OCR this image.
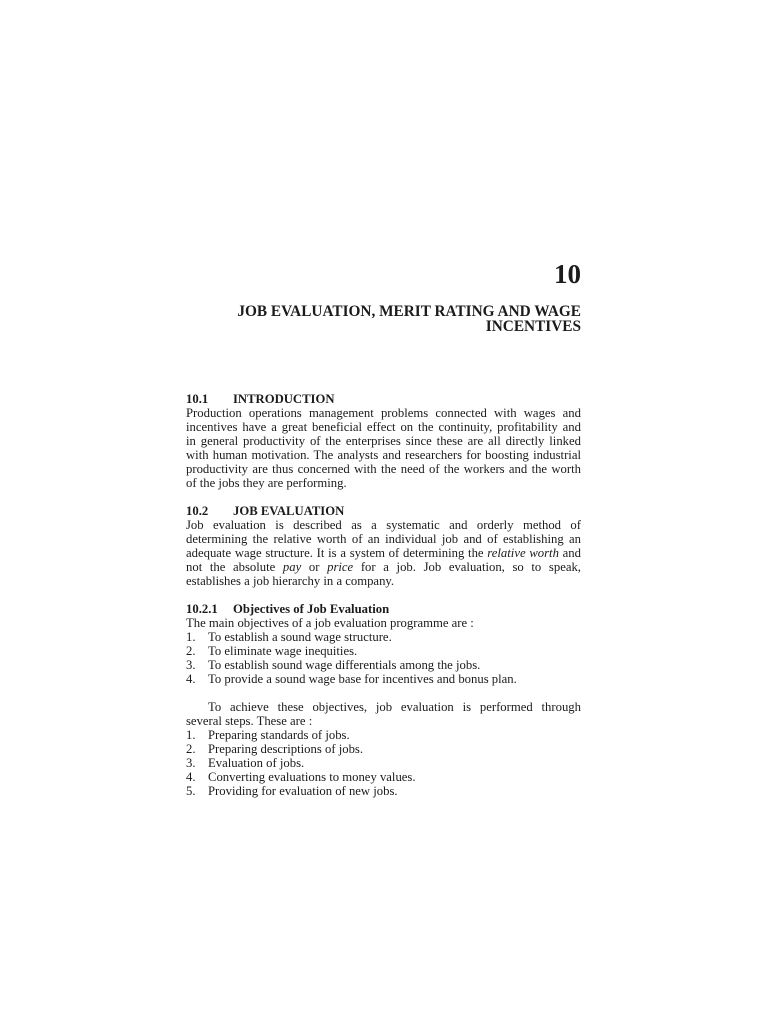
10
JOB EVALUATION, MERIT RATING AND WAGE INCENTIVES
10.1 INTRODUCTION
Production operations management problems connected with wages and
incentives have a great beneficial effect on the continuity, profitability and
in general productivity of the enterprises since these are all directly linked
with human motivation. The analysts and researchers for boosting industrial
productivity are thus concerned with the need of the workers and the worth
of the jobs they are performing.
10.2 JOB EVALUATION
Job evaluation is described as a systematic and orderly method of
determining the relative worth of an individual job and of establishing an
adequate wage structure. It is a system of determining the relative worth and
not the absolute pay or price for a job. Job evaluation, so to speak,
establishes a job hierarchy in a company.
10.2.1 Objectives of Job Evaluation
The main objectives of a job evaluation programme are :
1. To establish a sound wage structure.
2. To eliminate wage inequities.
3. To establish sound wage differentials among the jobs.
4. To provide a sound wage base for incentives and bonus plan.
To achieve these objectives, job evaluation is performed through
several steps. These are :
1. Preparing standards of jobs.
2. Preparing descriptions of jobs.
3. Evaluation of jobs.
4. Converting evaluations to money values.
5. Providing for evaluation of new jobs.
